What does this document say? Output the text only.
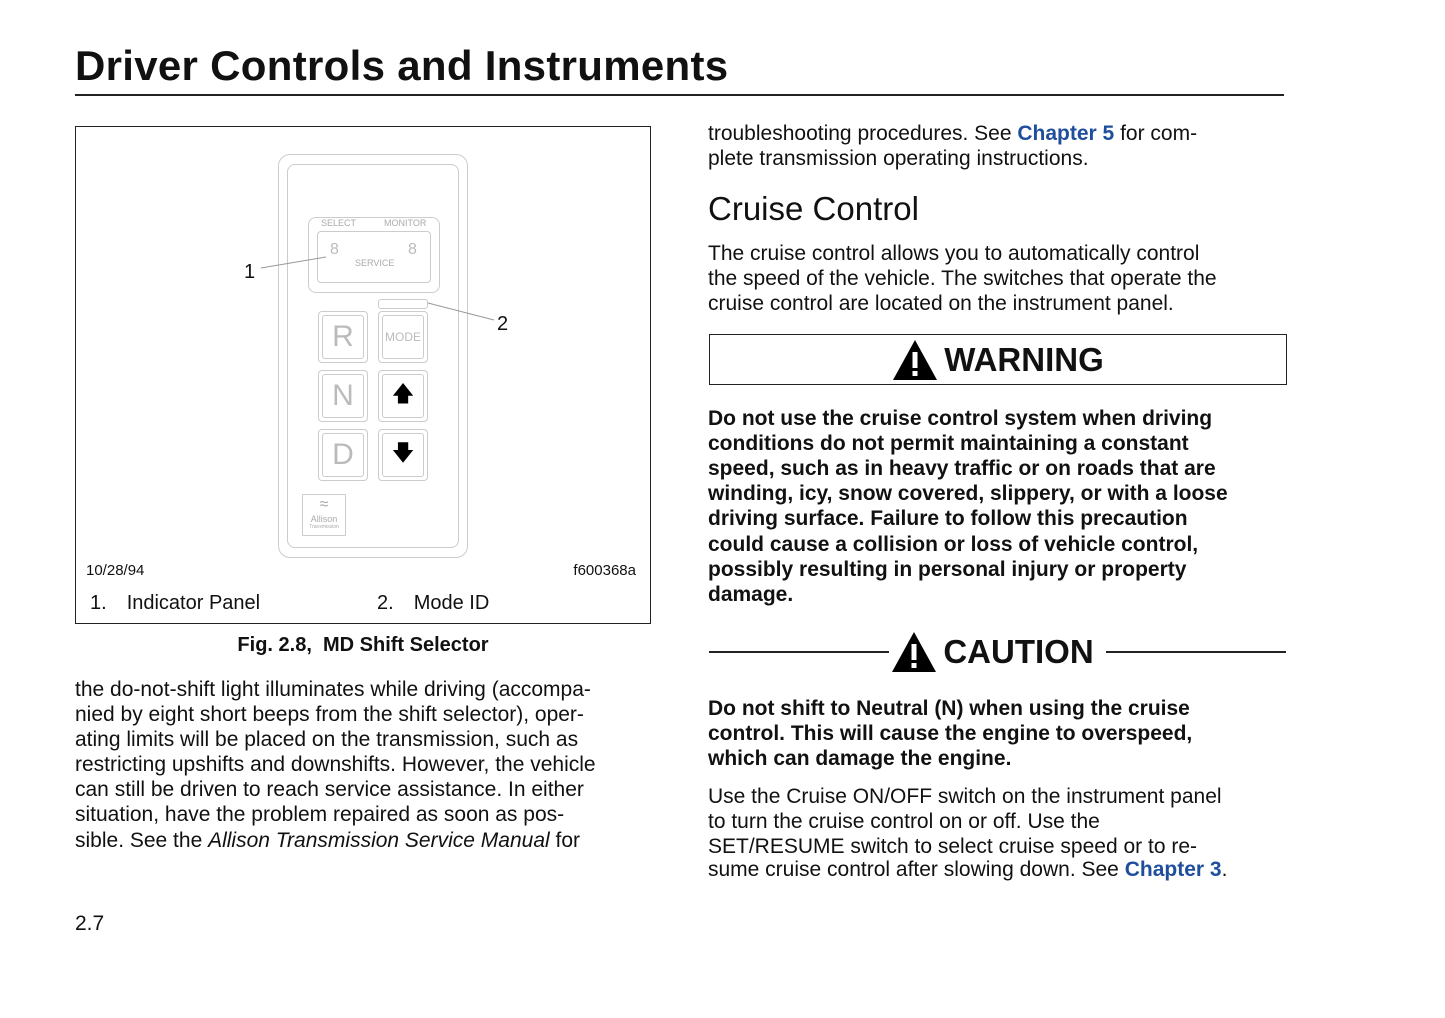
Driver Controls and Instruments
SELECT	MONITOR
8	8
SERVICE
R	MODE
N	🡅
D	🡇
≈
Allison
Transmission
1
2
10/28/94	f600368a
1. Indicator Panel	2. Mode ID
Fig. 2.8,  MD Shift Selector
the do-not-shift light illuminates while driving (accompa-
nied by eight short beeps from the shift selector), oper-
ating limits will be placed on the transmission, such as
restricting upshifts and downshifts. However, the vehicle
can still be driven to reach service assistance. In either
situation, have the problem repaired as soon as pos-
sible. See the Allison Transmission Service Manual for
2.7
troubleshooting procedures. See Chapter 5 for com-
plete transmission operating instructions.
Cruise Control
The cruise control allows you to automatically control
the speed of the vehicle. The switches that operate the
cruise control are located on the instrument panel.
WARNING
Do not use the cruise control system when driving
conditions do not permit maintaining a constant
speed, such as in heavy traffic or on roads that are
winding, icy, snow covered, slippery, or with a loose
driving surface. Failure to follow this precaution
could cause a collision or loss of vehicle control,
possibly resulting in personal injury or property
damage.
CAUTION
Do not shift to Neutral (N) when using the cruise
control. This will cause the engine to overspeed,
which can damage the engine.
Use the Cruise ON/OFF switch on the instrument panel
to turn the cruise control on or off. Use the
SET/RESUME switch to select cruise speed or to re-
sume cruise control after slowing down. See Chapter 3.
